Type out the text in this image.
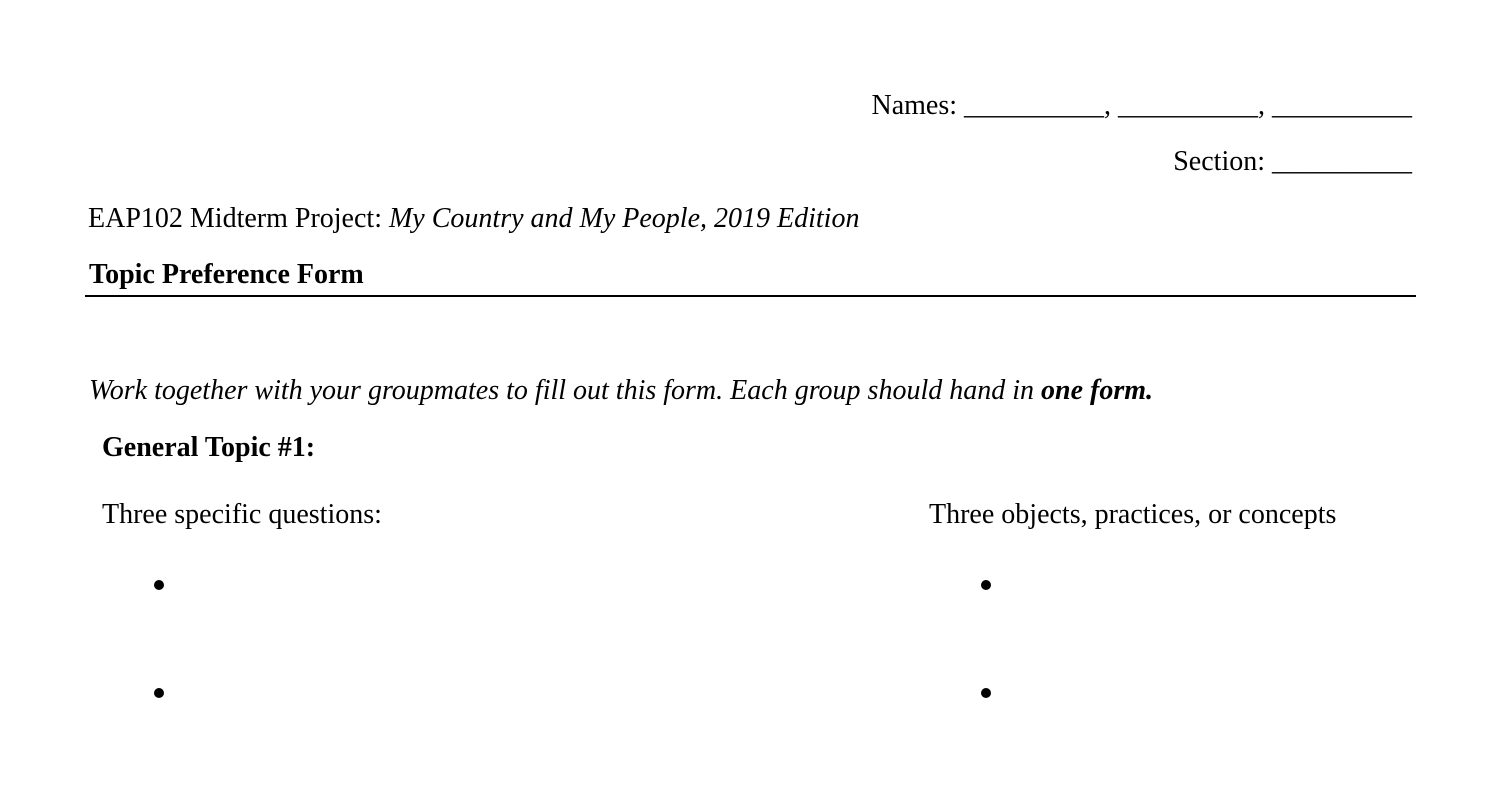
Names: __________, __________, __________
Section: __________
EAP102 Midterm Project: My Country and My People, 2019 Edition
Topic Preference Form
Work together with your groupmates to fill out this form. Each group should hand in one form.
General Topic #1:
Three specific questions:	Three objects, practices, or concepts
